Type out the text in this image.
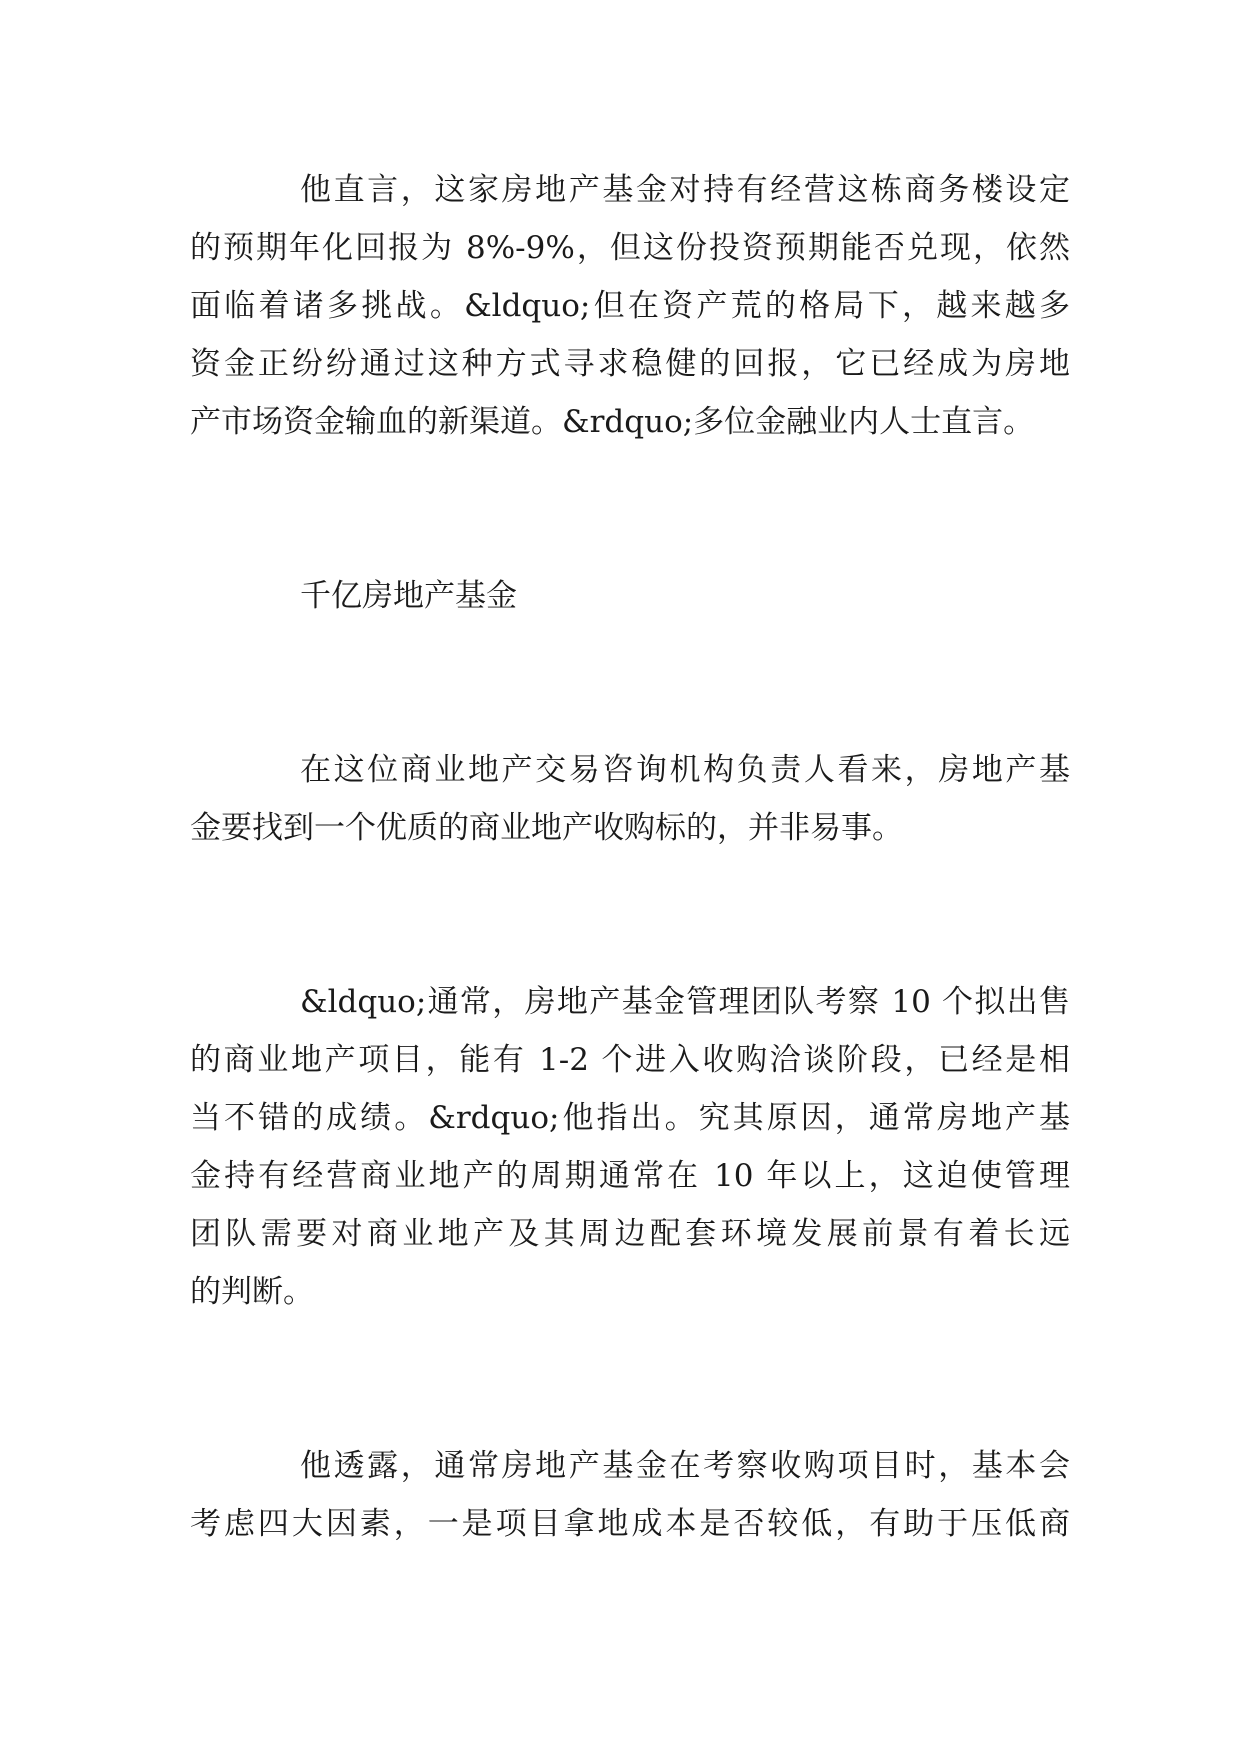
他直言，这家房地产基金对持有经营这栋商务楼设定
的预期年化回报为 8%-9%，但这份投资预期能否兑现，依然
面临着诸多挑战。&ldquo;但在资产荒的格局下，越来越多
资金正纷纷通过这种方式寻求稳健的回报，它已经成为房地
产市场资金输血的新渠道。&rdquo;多位金融业内人士直言。
千亿房地产基金
在这位商业地产交易咨询机构负责人看来，房地产基
金要找到一个优质的商业地产收购标的，并非易事。
&ldquo;通常，房地产基金管理团队考察 10 个拟出售
的商业地产项目，能有 1-2 个进入收购洽谈阶段，已经是相
当不错的成绩。&rdquo;他指出。究其原因，通常房地产基
金持有经营商业地产的周期通常在 10 年以上，这迫使管理
团队需要对商业地产及其周边配套环境发展前景有着长远
的判断。
他透露，通常房地产基金在考察收购项目时，基本会
考虑四大因素，一是项目拿地成本是否较低，有助于压低商
